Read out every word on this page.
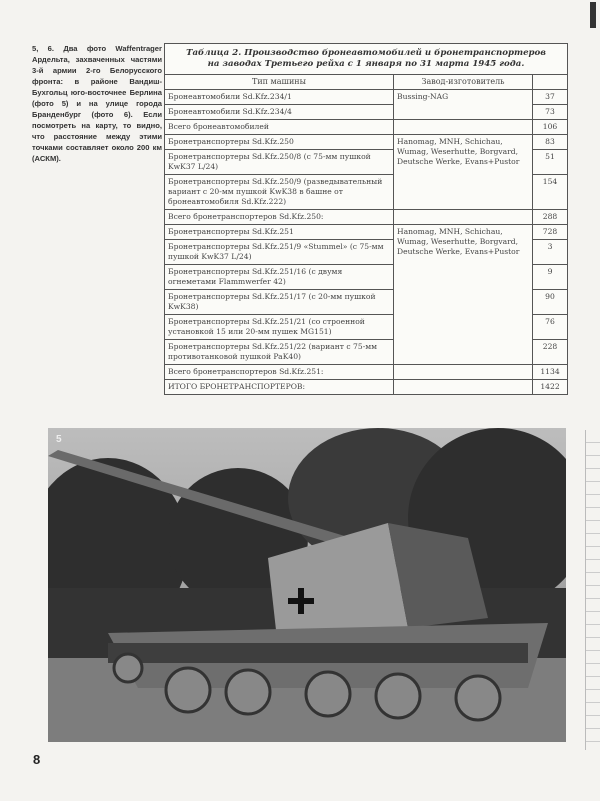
5, 6. Два фото Waffentrager Ардельта, захваченных частями 3-й армии 2-го Белорусского фронта: в районе Вандиш-Бухгольц юго-восточнее Берлина (фото 5) и на улице города Бранденбург (фото 6). Если посмотреть на карту, то видно, что расстояние между этими точками составляет около 200 км (АСКМ).
Таблица 2. Производство бронеавтомобилей и бронетранспортеров
на заводах Третьего рейха с 1 января по 31 марта 1945 года.
Тип машины	Завод-изготовитель	
Бронеавтомобили Sd.Kfz.234/1	Bussing-NAG	37
Бронеавтомобили Sd.Kfz.234/4		73
Всего бронеавтомобилей		106
Бронетранспортеры Sd.Kfz.250	Hanomag, MNH, Schichau, Wumag, Weserhutte, Borgvard, Deutsche Werke, Evans+Pustor	83
Бронетранспортеры Sd.Kfz.250/8 (с 75-мм пушкой KwK37 L/24)		51
Бронетранспортеры Sd.Kfz.250/9 (разведывательный вариант с 20-мм пушкой KwK38 в башне от бронеавтомобиля Sd.Kfz.222)		154
Всего бронетранспортеров Sd.Kfz.250:		288
Бронетранспортеры Sd.Kfz.251	Hanomag, MNH, Schichau, Wumag, Weserhutte, Borgvard, Deutsche Werke, Evans+Pustor	728
Бронетранспортеры Sd.Kfz.251/9 «Stummel» (с 75-мм пушкой KwK37 L/24)		3
Бронетранспортеры Sd.Kfz.251/16 (с двумя огнеметами Flammwerfer 42)		9
Бронетранспортеры Sd.Kfz.251/17 (с 20-мм пушкой KwK38)		90
Бронетранспортеры Sd.Kfz.251/21 (со строенной установкой 15 или 20-мм пушек MG151)		76
Бронетранспортеры Sd.Kfz.251/22 (вариант с 75-мм противотанковой пушкой PaK40)		228
Всего бронетранспортеров Sd.Kfz.251:		1134
ИТОГО БРОНЕТРАНСПОРТЕРОВ:		1422
5
8
